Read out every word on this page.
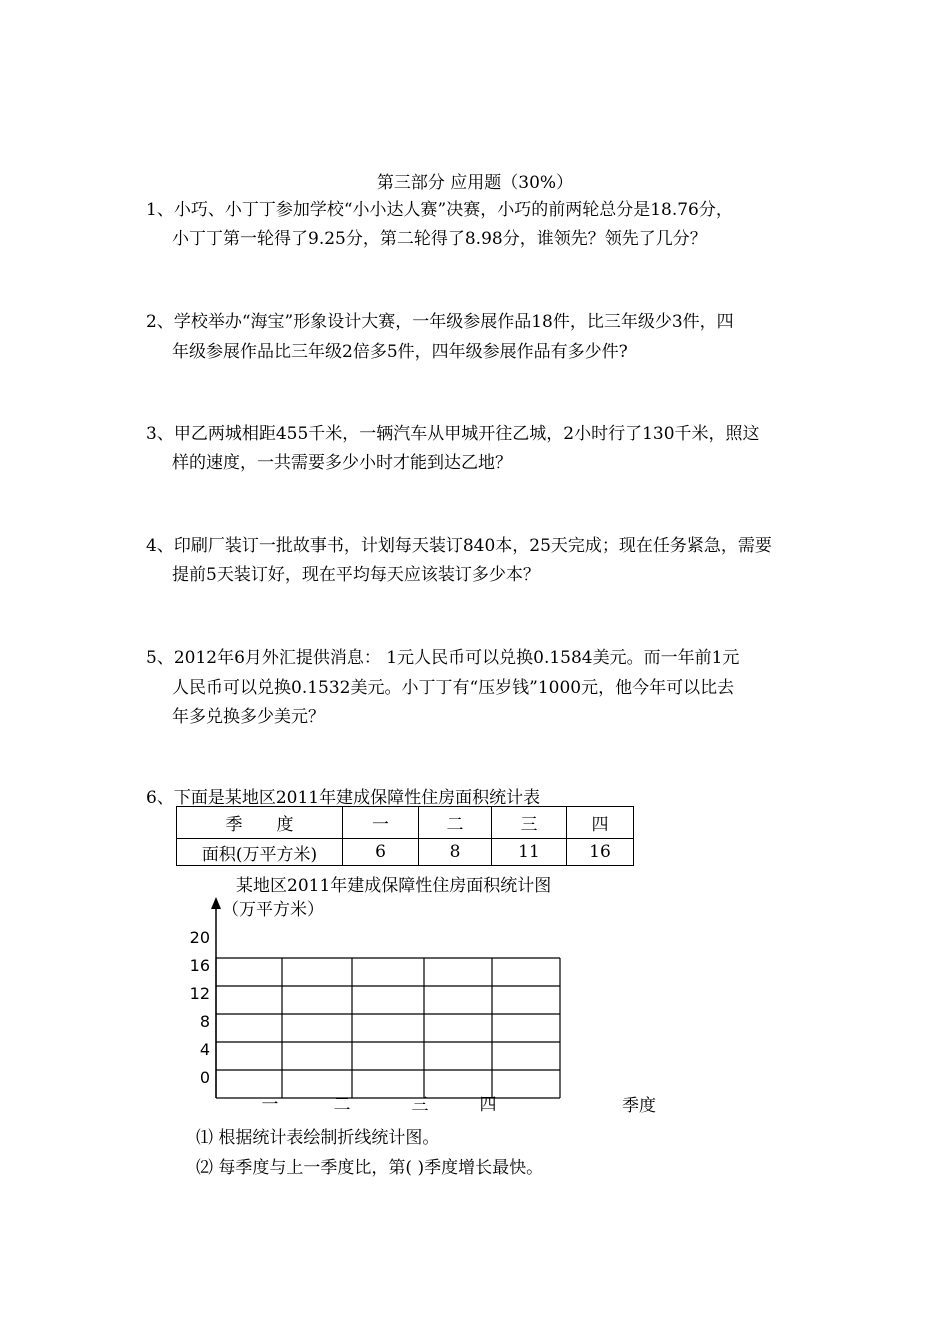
第三部分 应用题（30%）
1、小巧、小丁丁参加学校“小小达人赛”决赛，小巧的前两轮总分是18.76分，
小丁丁第一轮得了9.25分，第二轮得了8.98分，谁领先？领先了几分？
2、学校举办“海宝”形象设计大赛，一年级参展作品18件，比三年级少3件，四
年级参展作品比三年级2倍多5件，四年级参展作品有多少件?
3、甲乙两城相距455千米，一辆汽车从甲城开往乙城，2小时行了130千米，照这
样的速度，一共需要多少小时才能到达乙地？
4、印刷厂装订一批故事书，计划每天装订840本，25天完成；现在任务紧急，需要
提前5天装订好，现在平均每天应该装订多少本？
5、2012年6月外汇提供消息： 1元人民币可以兑换0.1584美元。而一年前1元
人民币可以兑换0.1532美元。小丁丁有“压岁钱”1000元，他今年可以比去
年多兑换多少美元？
6、下面是某地区2011年建成保障性住房面积统计表
季　　度	一	二	三	四
面积(万平方米)	6	8	11	16
某地区2011年建成保障性住房面积统计图
（万平方米）
20
16
12
8
4
0
一	二	三	四	季度
⑴ 根据统计表绘制折线统计图。
⑵ 每季度与上一季度比，第( )季度增长最快。
